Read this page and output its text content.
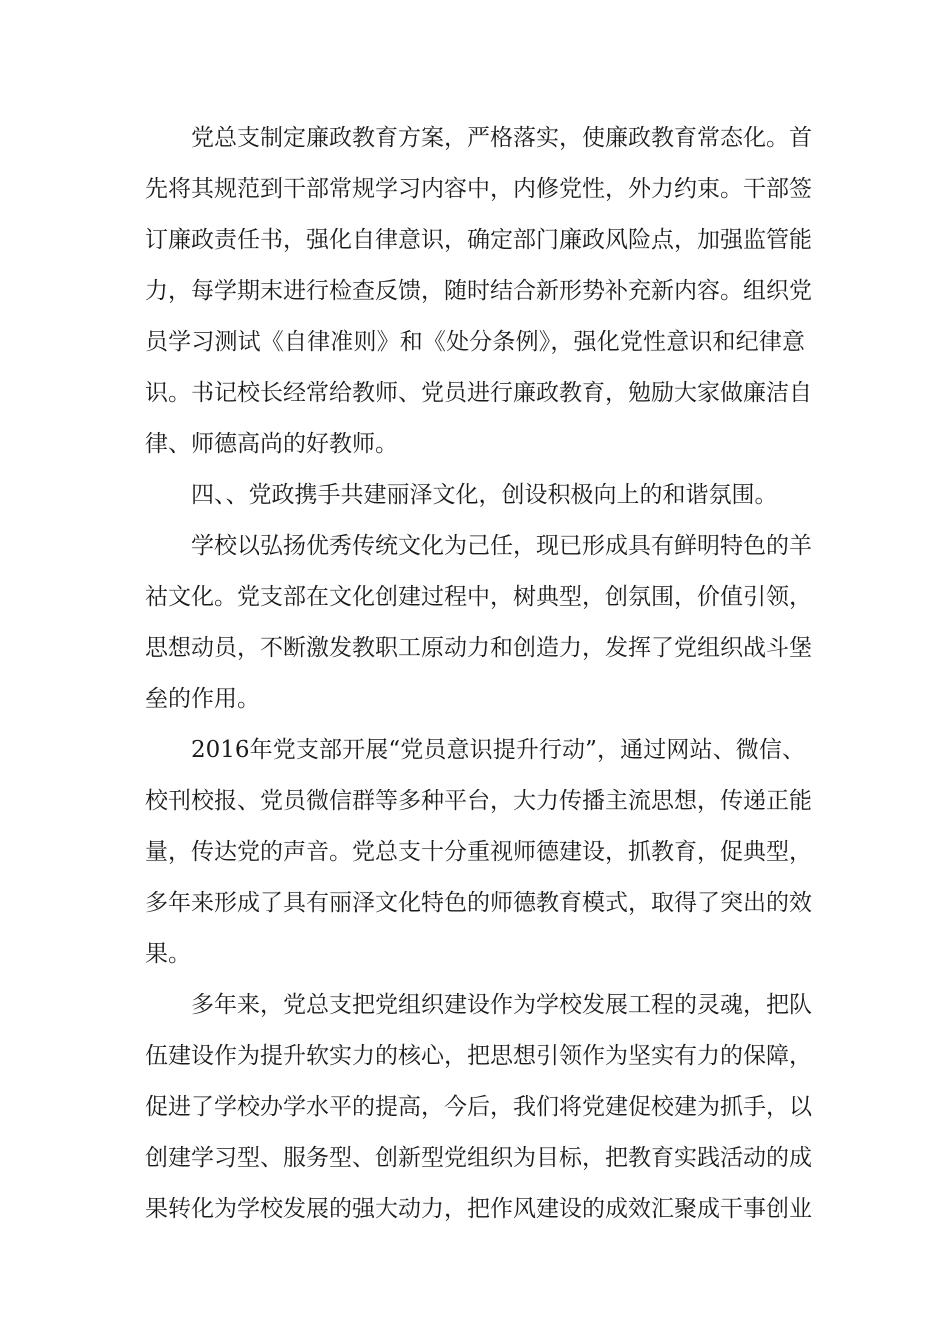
党总支制定廉政教育方案，严格落实，使廉政教育常态化。首
先将其规范到干部常规学习内容中，内修党性，外力约束。干部签
订廉政责任书，强化自律意识，确定部门廉政风险点，加强监管能
力，每学期末进行检查反馈，随时结合新形势补充新内容。组织党
员学习测试《自律准则》和《处分条例》，强化党性意识和纪律意
识。书记校长经常给教师、党员进行廉政教育，勉励大家做廉洁自
律、师德高尚的好教师。
四、、党政携手共建丽泽文化，创设积极向上的和谐氛围。
学校以弘扬优秀传统文化为己任，现已形成具有鲜明特色的羊
祜文化。党支部在文化创建过程中，树典型，创氛围，价值引领，
思想动员，不断激发教职工原动力和创造力，发挥了党组织战斗堡
垒的作用。
2016年党支部开展“党员意识提升行动”，通过网站、微信、
校刊校报、党员微信群等多种平台，大力传播主流思想，传递正能
量，传达党的声音。党总支十分重视师德建设，抓教育，促典型，
多年来形成了具有丽泽文化特色的师德教育模式，取得了突出的效
果。
多年来，党总支把党组织建设作为学校发展工程的灵魂，把队
伍建设作为提升软实力的核心，把思想引领作为坚实有力的保障，
促进了学校办学水平的提高，今后，我们将党建促校建为抓手，以
创建学习型、服务型、创新型党组织为目标，把教育实践活动的成
果转化为学校发展的强大动力，把作风建设的成效汇聚成干事创业
